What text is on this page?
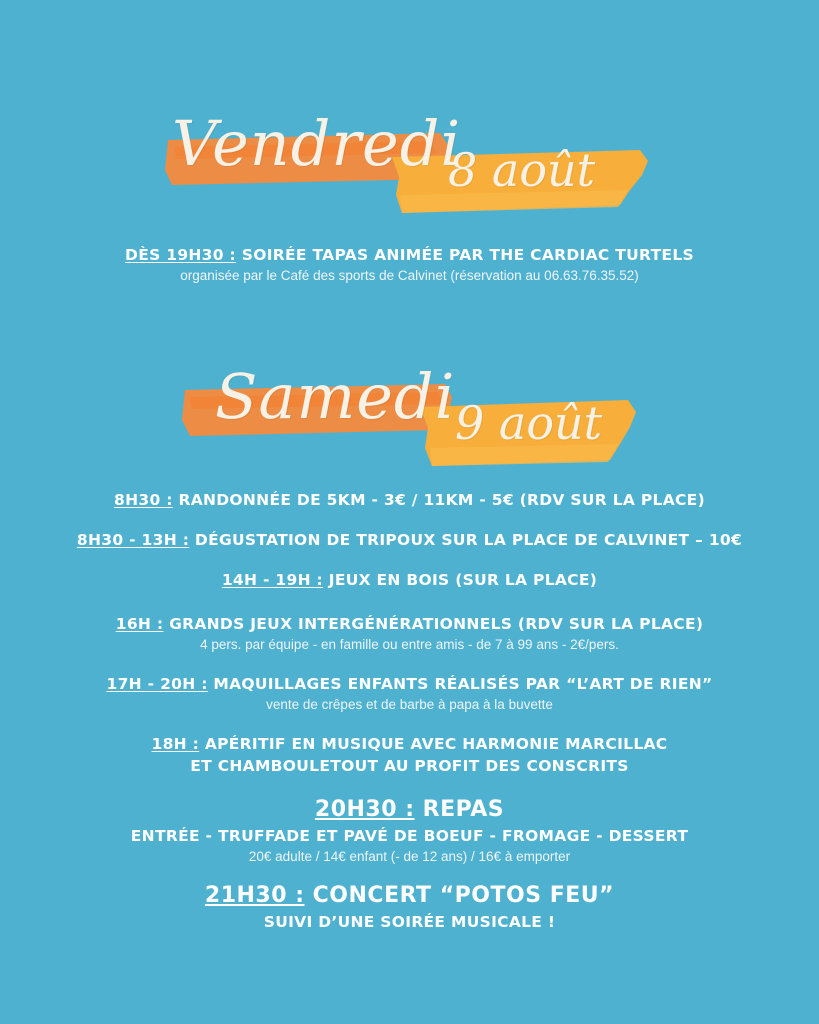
Vendredi
8 août
DÈS 19H30 : SOIRÉE TAPAS ANIMÉE PAR THE CARDIAC TURTELS
organisée par le Café des sports de Calvinet (réservation au 06.63.76.35.52)
Samedi 9 août
8H30 : RANDONNÉE DE 5KM - 3€ / 11KM - 5€ (RDV SUR LA PLACE)
8H30 - 13H : DÉGUSTATION DE TRIPOUX SUR LA PLACE DE CALVINET – 10€
14H - 19H : JEUX EN BOIS (SUR LA PLACE)
16H : GRANDS JEUX INTERGÉNÉRATIONNELS (RDV SUR LA PLACE)
4 pers. par équipe - en famille ou entre amis - de 7 à 99 ans - 2€/pers.
17H - 20H : MAQUILLAGES ENFANTS RÉALISÉS PAR “L’ART DE RIEN”
vente de crêpes et de barbe à papa à la buvette
18H : APÉRITIF EN MUSIQUE AVEC HARMONIE MARCILLAC
ET CHAMBOULETOUT AU PROFIT DES CONSCRITS
20H30 : REPAS
ENTRÉE - TRUFFADE ET PAVÉ DE BOEUF - FROMAGE - DESSERT
20€ adulte / 14€ enfant (- de 12 ans) / 16€ à emporter
21H30 : CONCERT “POTOS FEU”
SUIVI D’UNE SOIRÉE MUSICALE !
